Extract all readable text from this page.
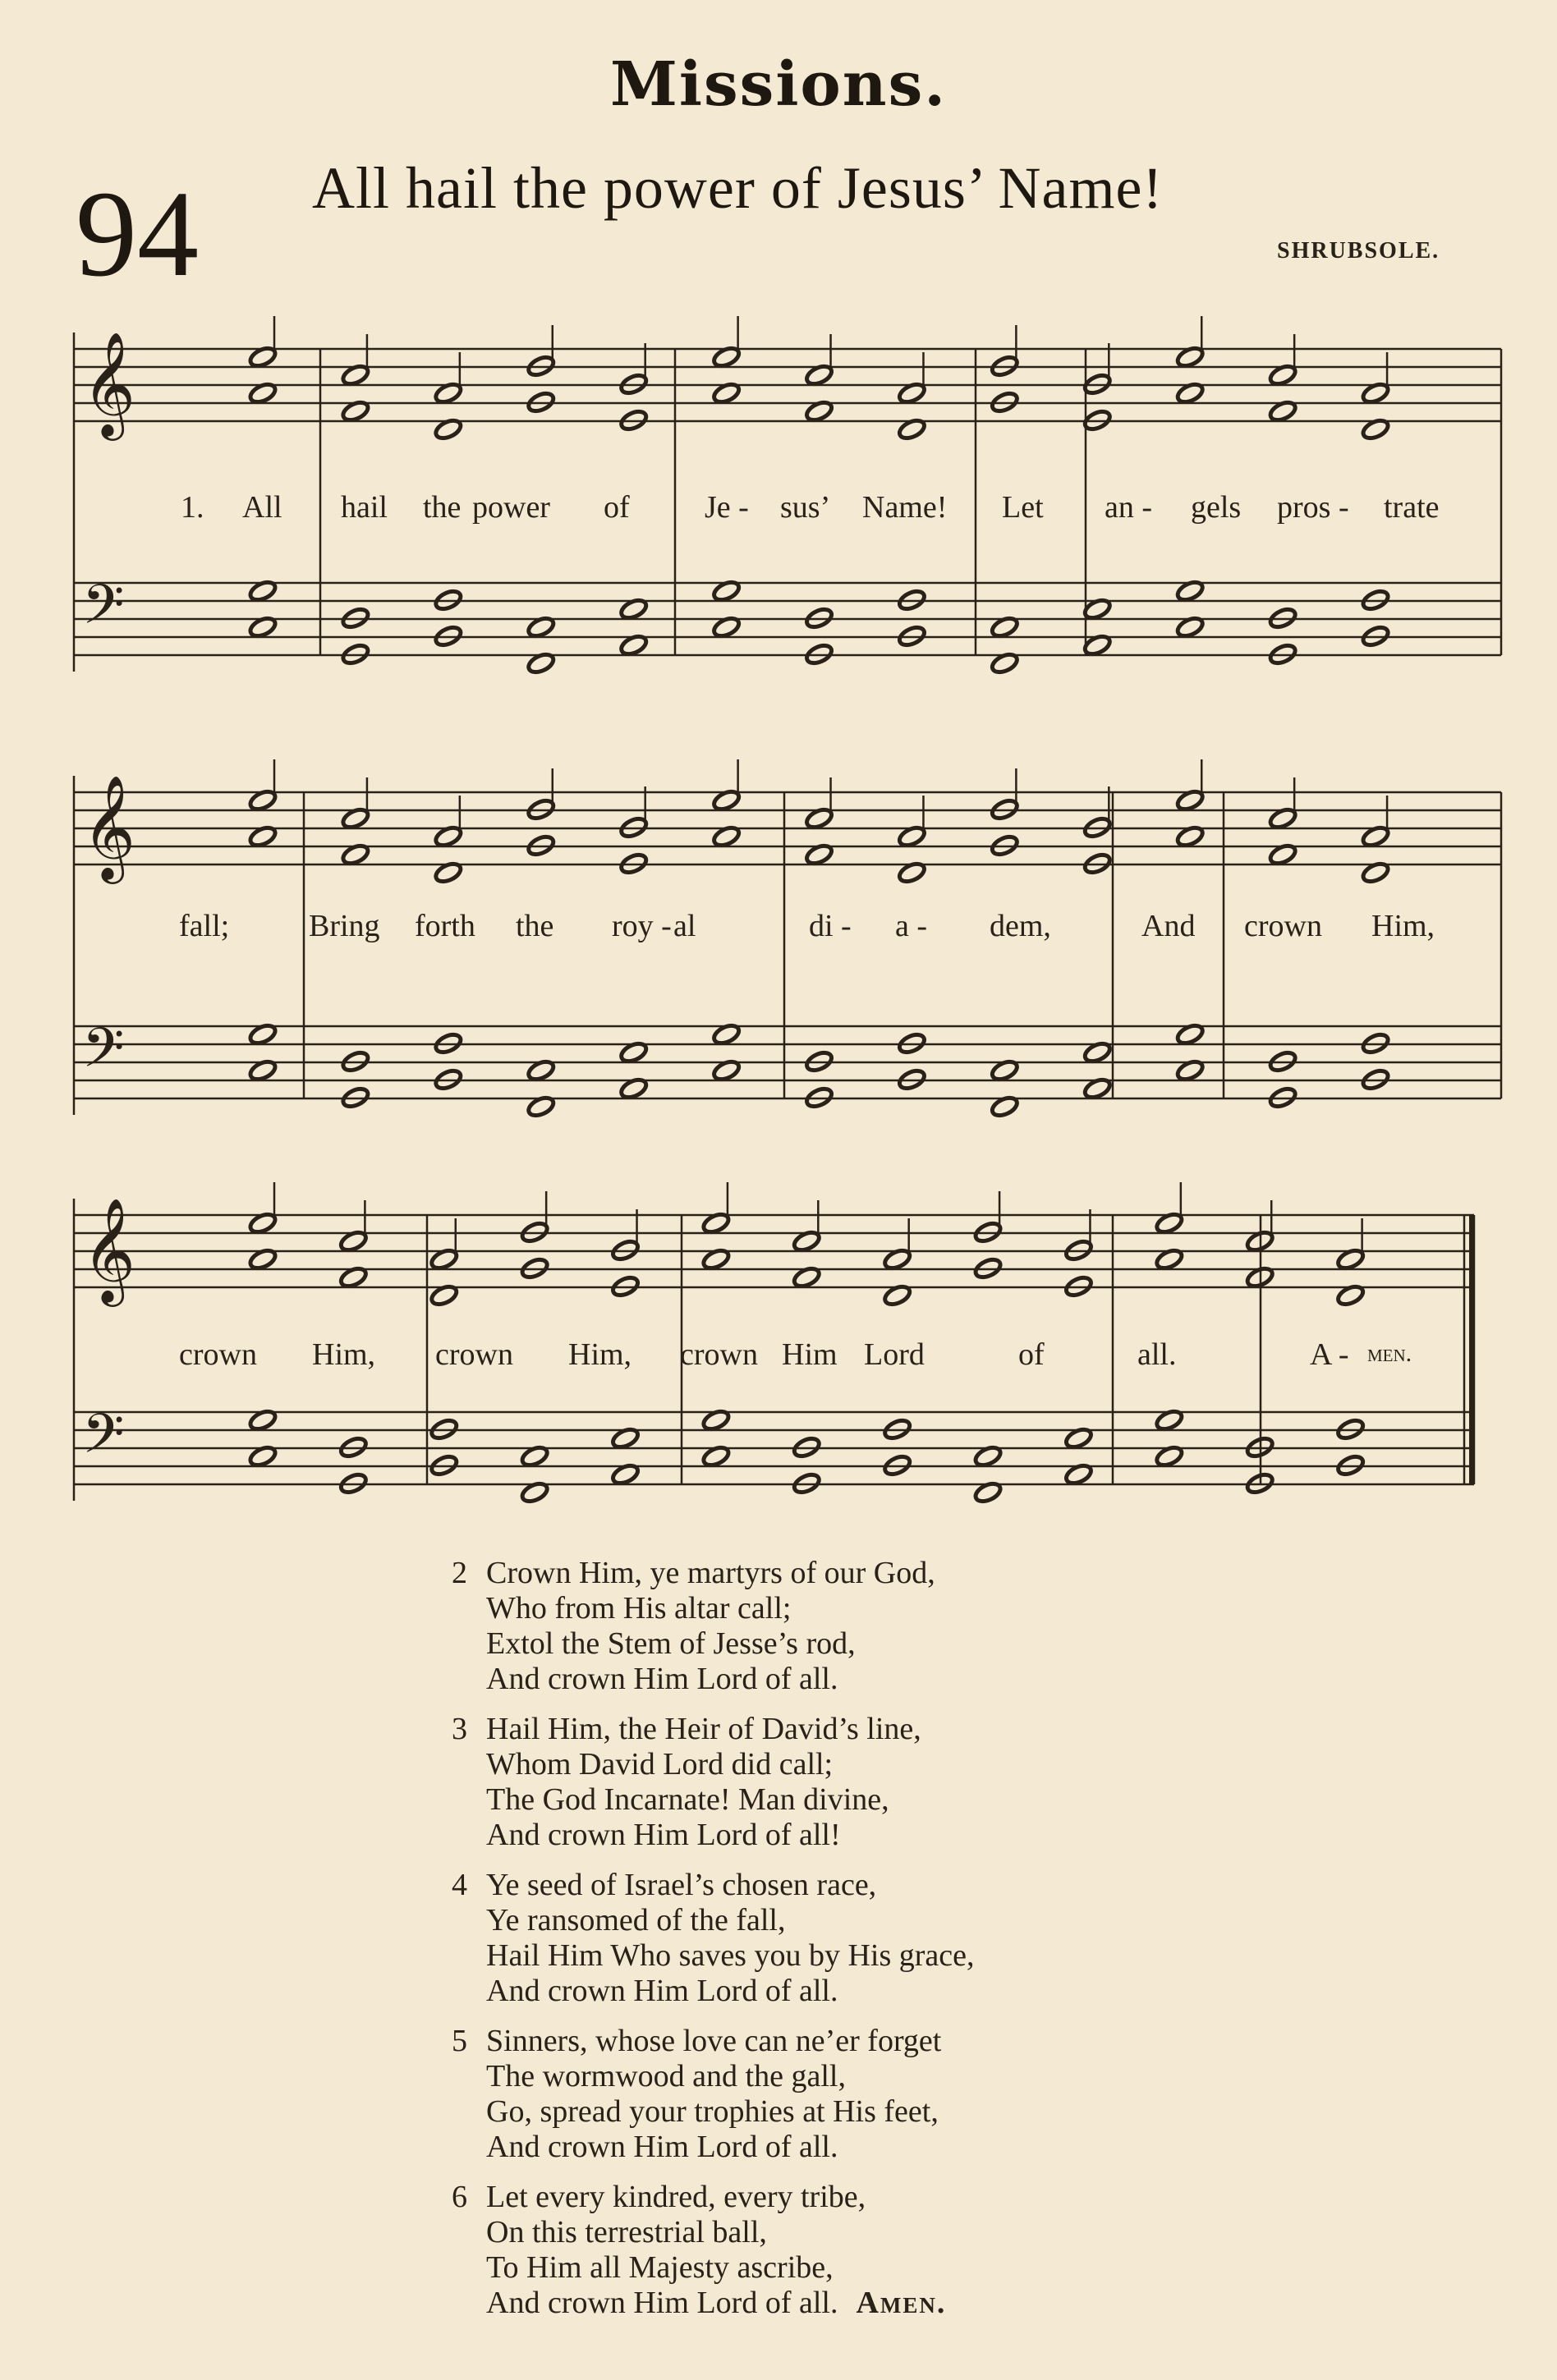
Missions.
94 All hail the power of Jesus’ Name!
SHRUBSOLE.
𝄞
𝄢
𝄞
𝄢
𝄞
𝄢
1. All hail the power of Je - sus’ Name! Let an - gels pros - trate
fall;	Bring forth the roy - al	di - a - dem,	And crown Him,
crown Him, crown Him, crown Him Lord	of	all.	A - men.
2 Crown Him, ye martyrs of our God,
Who from His altar call;
Extol the Stem of Jesse’s rod,
And crown Him Lord of all.
3 Hail Him, the Heir of David’s line,
Whom David Lord did call;
The God Incarnate! Man divine,
And crown Him Lord of all!
4 Ye seed of Israel’s chosen race,
Ye ransomed of the fall,
Hail Him Who saves you by His grace,
And crown Him Lord of all.
5 Sinners, whose love can ne’er forget
The wormwood and the gall,
Go, spread your trophies at His feet,
And crown Him Lord of all.
6 Let every kindred, every tribe,
On this terrestrial ball,
To Him all Majesty ascribe,
And crown Him Lord of all. Amen.
